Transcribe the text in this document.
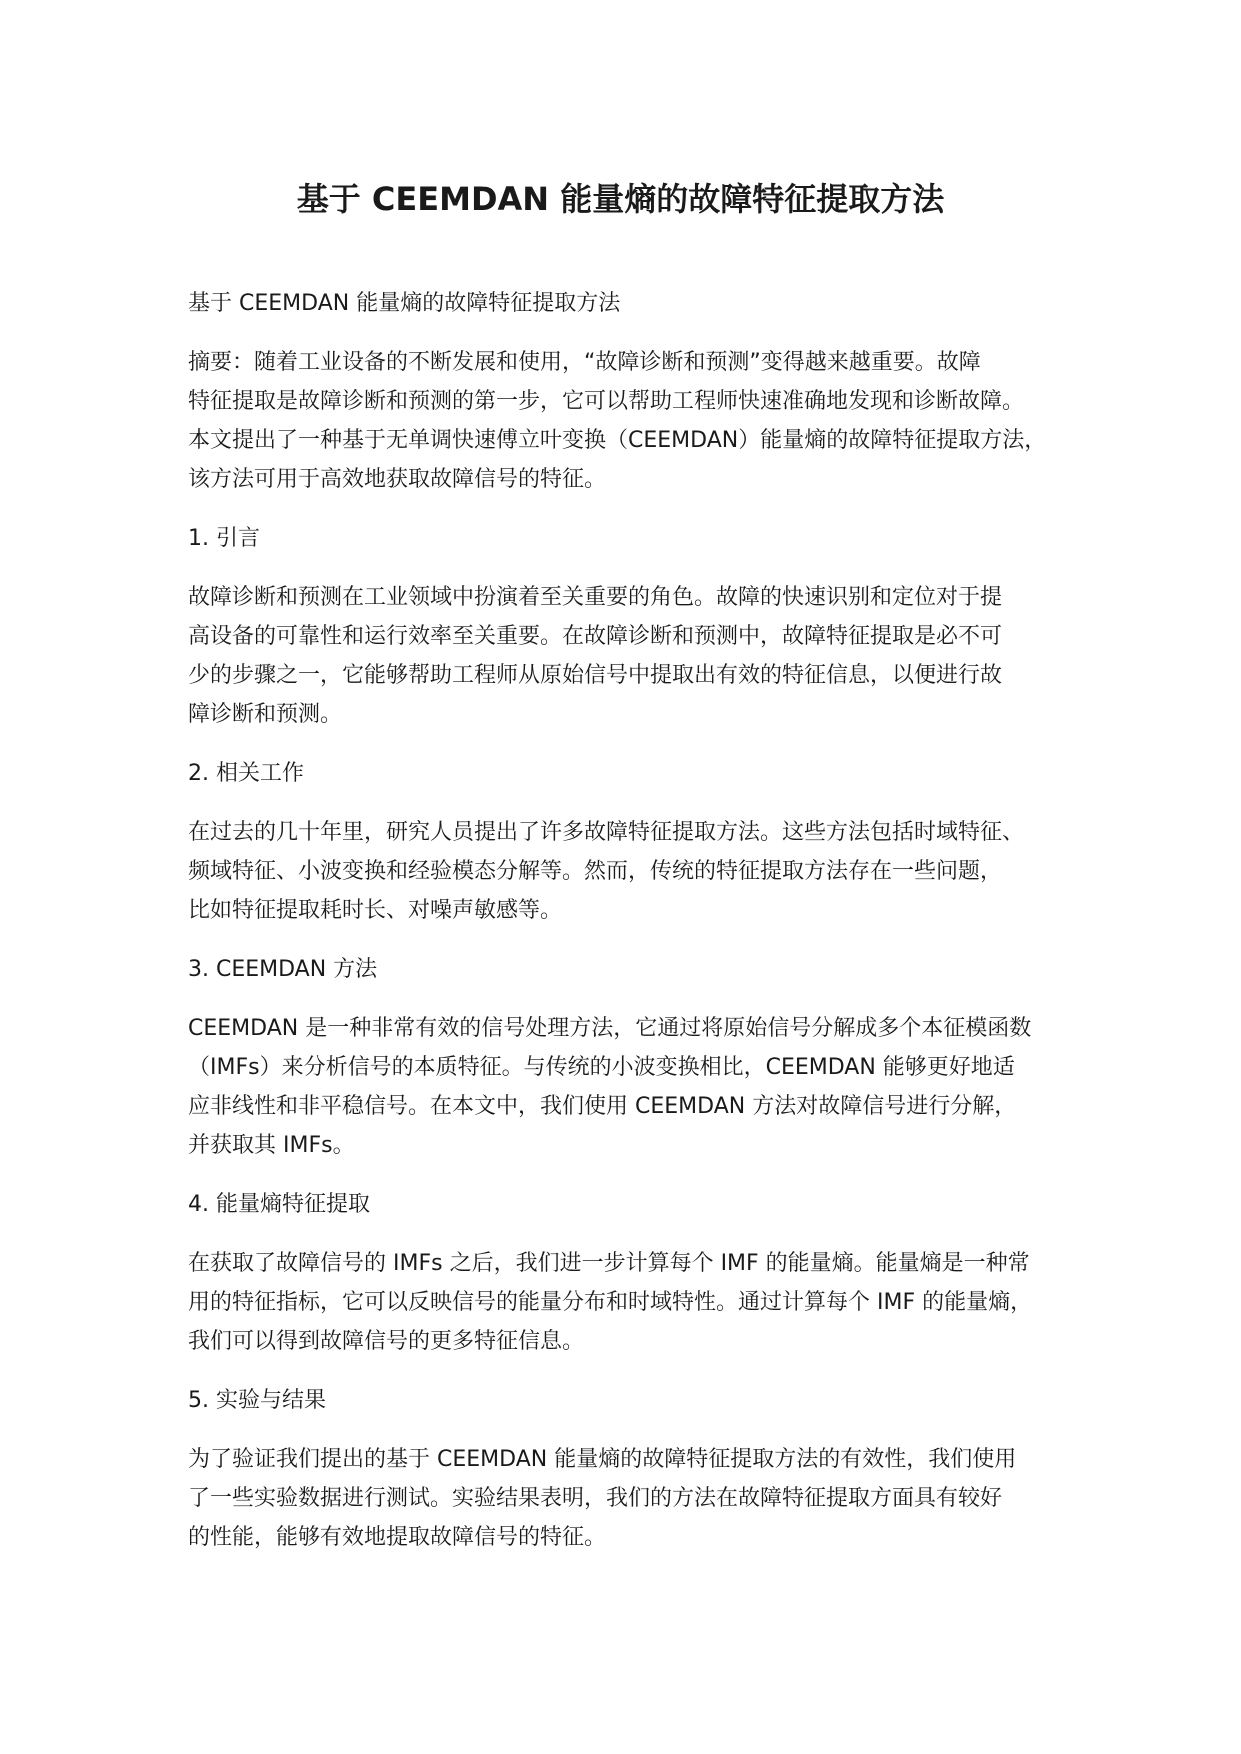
基于 CEEMDAN 能量熵的故障特征提取方法

基于 CEEMDAN 能量熵的故障特征提取方法

摘要：随着工业设备的不断发展和使用，“故障诊断和预测”变得越来越重要。故障
特征提取是故障诊断和预测的第一步，它可以帮助工程师快速准确地发现和诊断故障。
本文提出了一种基于无单调快速傅立叶变换（CEEMDAN）能量熵的故障特征提取方法，
该方法可用于高效地获取故障信号的特征。

1. 引言

故障诊断和预测在工业领域中扮演着至关重要的角色。故障的快速识别和定位对于提
高设备的可靠性和运行效率至关重要。在故障诊断和预测中，故障特征提取是必不可
少的步骤之一，它能够帮助工程师从原始信号中提取出有效的特征信息，以便进行故
障诊断和预测。

2. 相关工作

在过去的几十年里，研究人员提出了许多故障特征提取方法。这些方法包括时域特征、
频域特征、小波变换和经验模态分解等。然而，传统的特征提取方法存在一些问题，
比如特征提取耗时长、对噪声敏感等。

3. CEEMDAN 方法

CEEMDAN 是一种非常有效的信号处理方法，它通过将原始信号分解成多个本征模函数
（IMFs）来分析信号的本质特征。与传统的小波变换相比，CEEMDAN 能够更好地适
应非线性和非平稳信号。在本文中，我们使用 CEEMDAN 方法对故障信号进行分解，
并获取其 IMFs。

4. 能量熵特征提取

在获取了故障信号的 IMFs 之后，我们进一步计算每个 IMF 的能量熵。能量熵是一种常
用的特征指标，它可以反映信号的能量分布和时域特性。通过计算每个 IMF 的能量熵，
我们可以得到故障信号的更多特征信息。

5. 实验与结果

为了验证我们提出的基于 CEEMDAN 能量熵的故障特征提取方法的有效性，我们使用
了一些实验数据进行测试。实验结果表明，我们的方法在故障特征提取方面具有较好
的性能，能够有效地提取故障信号的特征。
